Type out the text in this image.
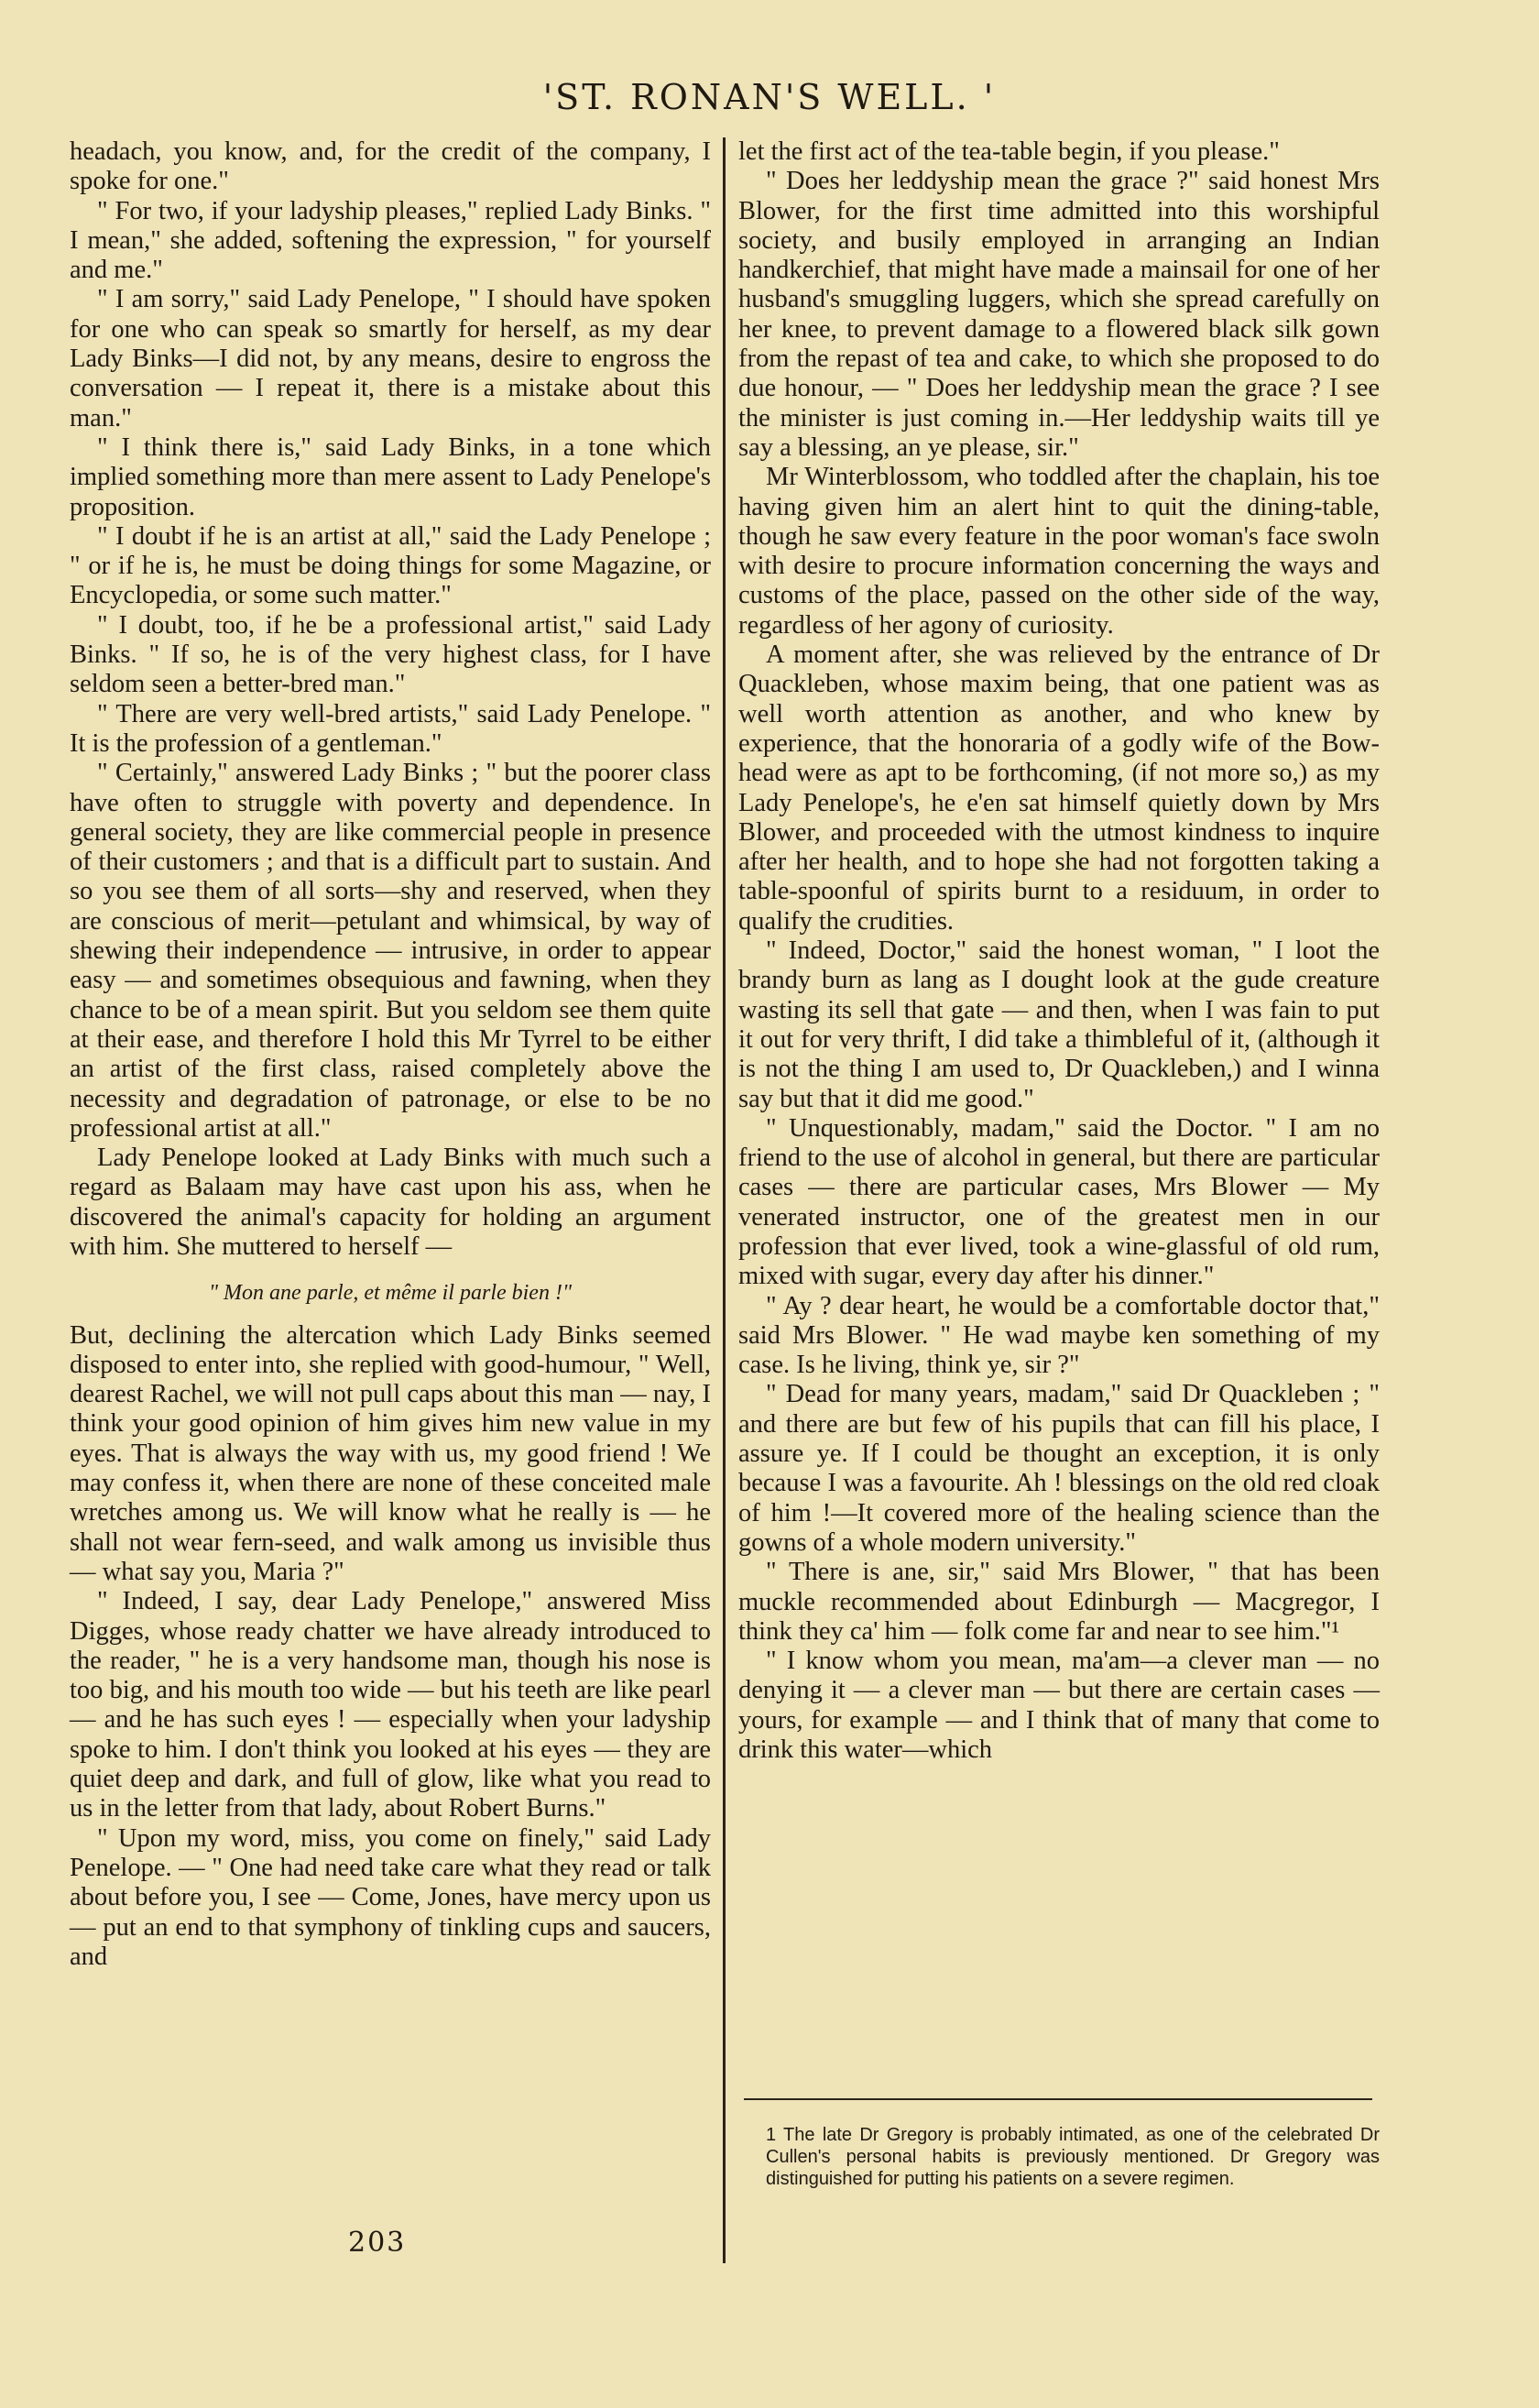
'ST. RONAN'S WELL. '

headach, you know, and, for the credit of the company, I spoke for one."

" For two, if your ladyship pleases," replied Lady Binks. " I mean," she added, softening the expression, " for yourself and me."

" I am sorry," said Lady Penelope, " I should have spoken for one who can speak so smartly for herself, as my dear Lady Binks—I did not, by any means, desire to engross the conversation — I repeat it, there is a mistake about this man."

" I think there is," said Lady Binks, in a tone which implied something more than mere assent to Lady Penelope's proposition.

" I doubt if he is an artist at all," said the Lady Penelope ; " or if he is, he must be doing things for some Magazine, or Encyclopedia, or some such matter."

" I doubt, too, if he be a professional artist," said Lady Binks. " If so, he is of the very highest class, for I have seldom seen a better-bred man."

" There are very well-bred artists," said Lady Penelope. " It is the profession of a gentleman."

" Certainly," answered Lady Binks ; " but the poorer class have often to struggle with poverty and dependence. In general society, they are like commercial people in presence of their customers ; and that is a difficult part to sustain. And so you see them of all sorts—shy and reserved, when they are conscious of merit—petulant and whimsical, by way of shewing their independence — intrusive, in order to appear easy — and sometimes obsequious and fawning, when they chance to be of a mean spirit. But you seldom see them quite at their ease, and therefore I hold this Mr Tyrrel to be either an artist of the first class, raised completely above the necessity and degradation of patronage, or else to be no professional artist at all."

Lady Penelope looked at Lady Binks with much such a regard as Balaam may have cast upon his ass, when he discovered the animal's capacity for holding an argument with him. She muttered to herself —

" Mon ane parle, et même il parle bien !"

But, declining the altercation which Lady Binks seemed disposed to enter into, she replied with good-humour, " Well, dearest Rachel, we will not pull caps about this man — nay, I think your good opinion of him gives him new value in my eyes. That is always the way with us, my good friend ! We may confess it, when there are none of these conceited male wretches among us. We will know what he really is — he shall not wear fern-seed, and walk among us invisible thus — what say you, Maria ?"

" Indeed, I say, dear Lady Penelope," answered Miss Digges, whose ready chatter we have already introduced to the reader, " he is a very handsome man, though his nose is too big, and his mouth too wide — but his teeth are like pearl — and he has such eyes ! — especially when your ladyship spoke to him. I don't think you looked at his eyes — they are quiet deep and dark, and full of glow, like what you read to us in the letter from that lady, about Robert Burns."

" Upon my word, miss, you come on finely," said Lady Penelope. — " One had need take care what they read or talk about before you, I see — Come, Jones, have mercy upon us — put an end to that symphony of tinkling cups and saucers, and

let the first act of the tea-table begin, if you please."

" Does her leddyship mean the grace ?" said honest Mrs Blower, for the first time admitted into this worshipful society, and busily employed in arranging an Indian handkerchief, that might have made a mainsail for one of her husband's smuggling luggers, which she spread carefully on her knee, to prevent damage to a flowered black silk gown from the repast of tea and cake, to which she proposed to do due honour, — " Does her leddyship mean the grace ? I see the minister is just coming in.—Her leddyship waits till ye say a blessing, an ye please, sir."

Mr Winterblossom, who toddled after the chaplain, his toe having given him an alert hint to quit the dining-table, though he saw every feature in the poor woman's face swoln with desire to procure information concerning the ways and customs of the place, passed on the other side of the way, regardless of her agony of curiosity.

A moment after, she was relieved by the entrance of Dr Quackleben, whose maxim being, that one patient was as well worth attention as another, and who knew by experience, that the honoraria of a godly wife of the Bow-head were as apt to be forthcoming, (if not more so,) as my Lady Penelope's, he e'en sat himself quietly down by Mrs Blower, and proceeded with the utmost kindness to inquire after her health, and to hope she had not forgotten taking a table-spoonful of spirits burnt to a residuum, in order to qualify the crudities.

" Indeed, Doctor," said the honest woman, " I loot the brandy burn as lang as I dought look at the gude creature wasting its sell that gate — and then, when I was fain to put it out for very thrift, I did take a thimbleful of it, (although it is not the thing I am used to, Dr Quackleben,) and I winna say but that it did me good."

" Unquestionably, madam," said the Doctor. " I am no friend to the use of alcohol in general, but there are particular cases — there are particular cases, Mrs Blower — My venerated instructor, one of the greatest men in our profession that ever lived, took a wine-glassful of old rum, mixed with sugar, every day after his dinner."

" Ay ? dear heart, he would be a comfortable doctor that," said Mrs Blower. " He wad maybe ken something of my case. Is he living, think ye, sir ?"

" Dead for many years, madam," said Dr Quackleben ; " and there are but few of his pupils that can fill his place, I assure ye. If I could be thought an exception, it is only because I was a favourite. Ah ! blessings on the old red cloak of him !—It covered more of the healing science than the gowns of a whole modern university."

" There is ane, sir," said Mrs Blower, " that has been muckle recommended about Edinburgh — Macgregor, I think they ca' him — folk come far and near to see him."¹

" I know whom you mean, ma'am—a clever man — no denying it — a clever man — but there are certain cases — yours, for example — and I think that of many that come to drink this water—which

203
1 The late Dr Gregory is probably intimated, as one of the celebrated Dr Cullen's personal habits is previously mentioned. Dr Gregory was distinguished for putting his patients on a severe regimen.
